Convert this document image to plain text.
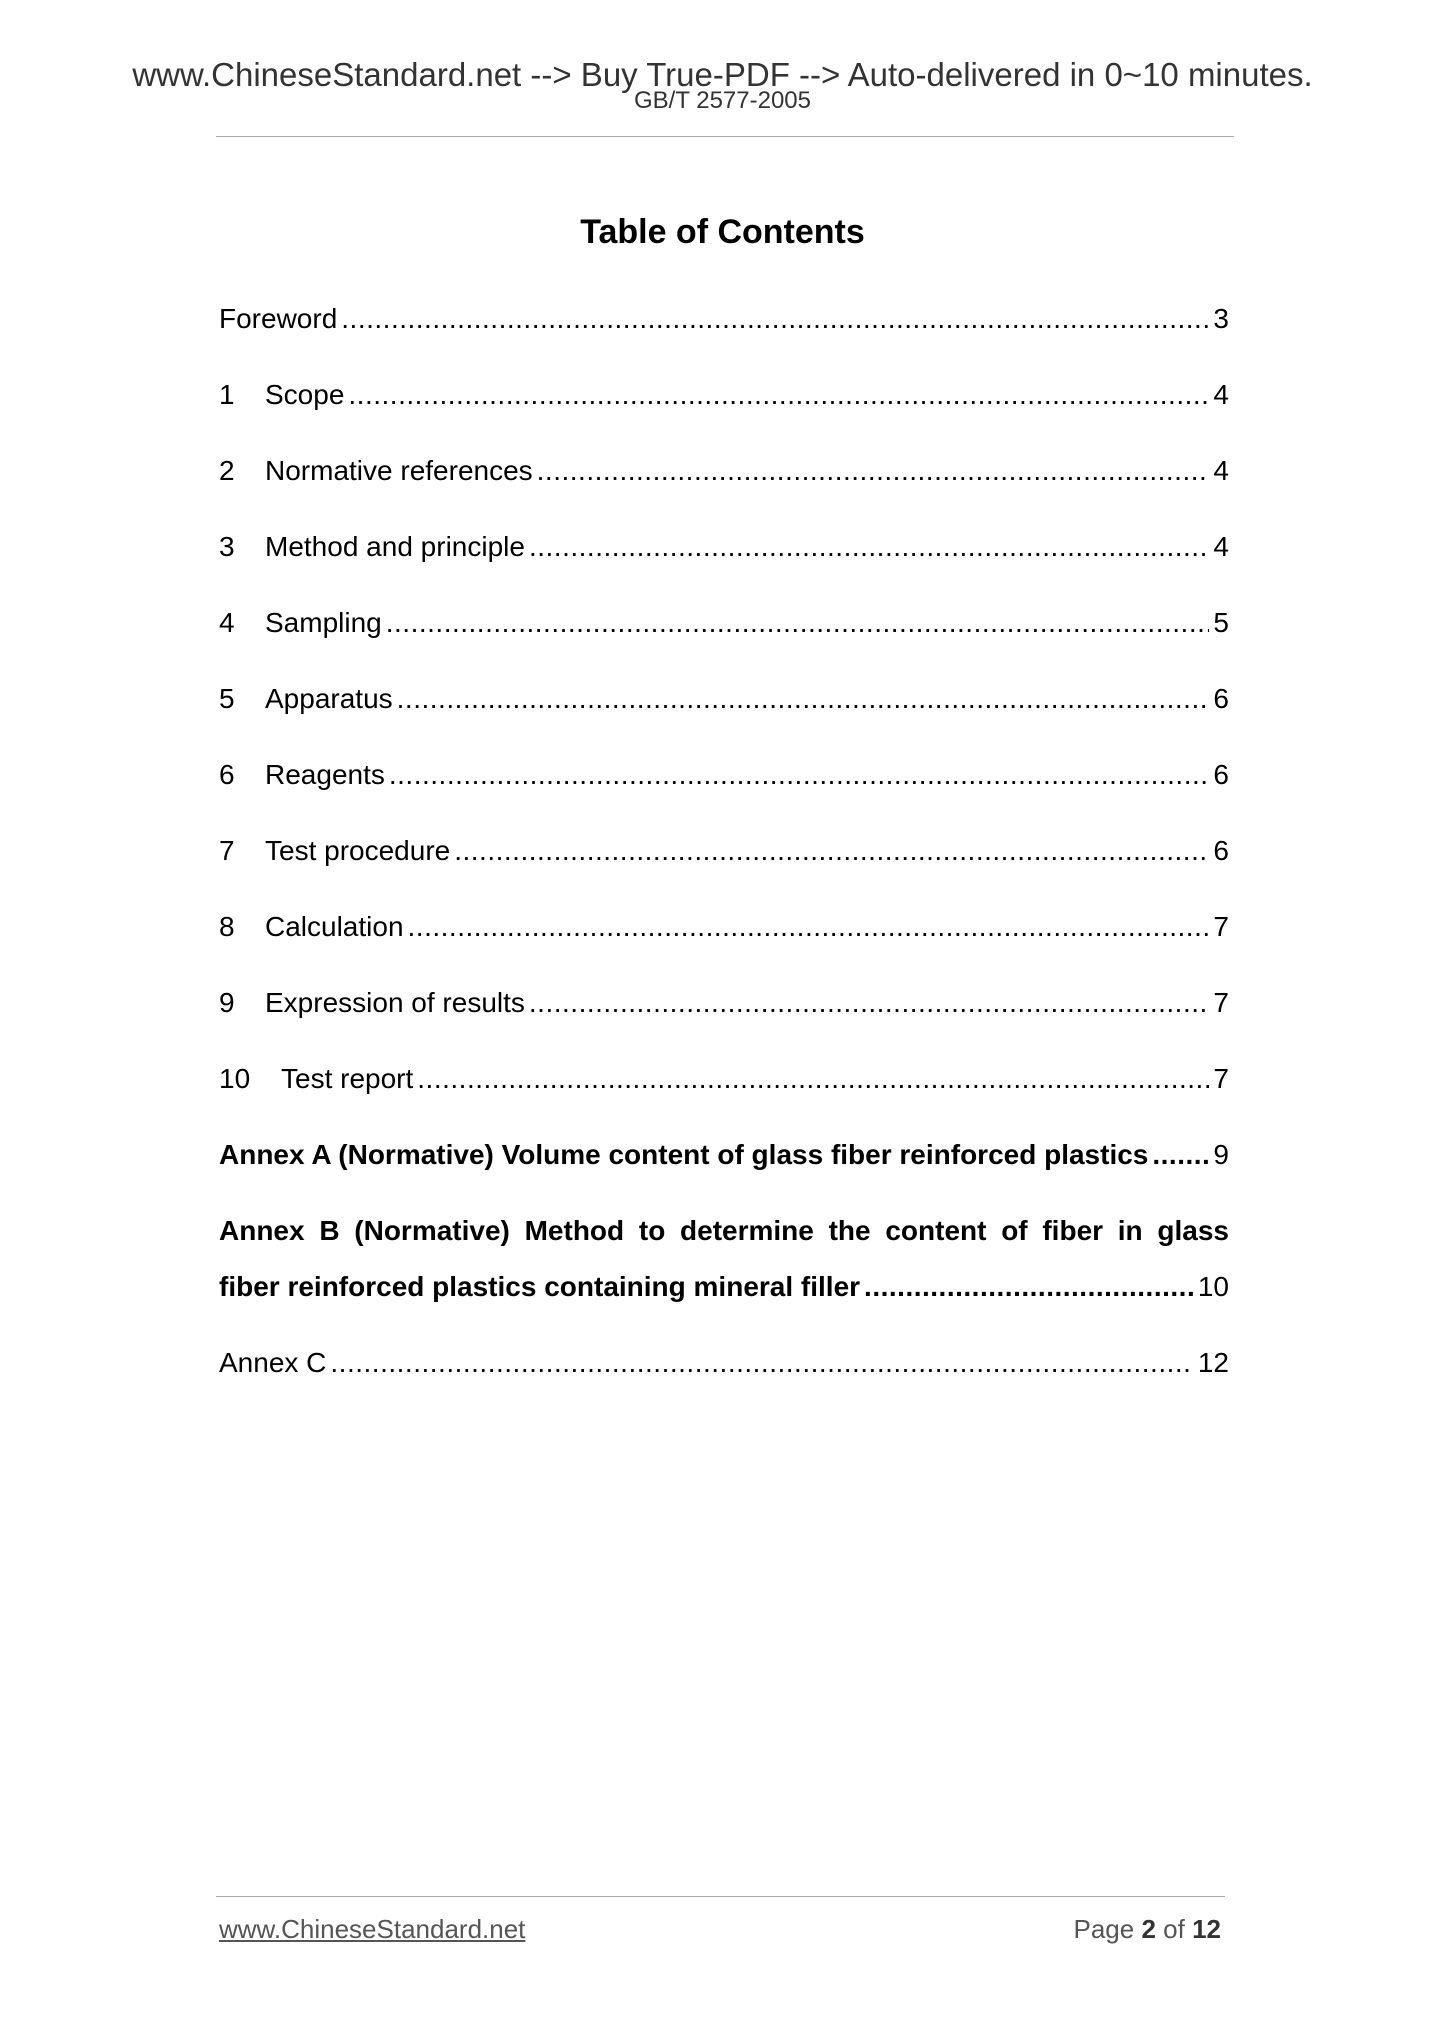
www.ChineseStandard.net --> Buy True-PDF --> Auto-delivered in 0~10 minutes.
GB/T 2577-2005
Table of Contents
Foreword .....	3
1	Scope .....	4
2	Normative references .....	4
3	Method and principle .....	4
4	Sampling .....	5
5	Apparatus .....	6
6	Reagents .....	6
7	Test procedure .....	6
8	Calculation .....	7
9	Expression of results .....	7
10	Test report .....	7
Annex A (Normative) Volume content of glass fiber reinforced plastics ..... 9
Annex B (Normative) Method to determine the content of fiber in glass
fiber reinforced plastics containing mineral filler .....	10
Annex C .....	12
www.ChineseStandard.net	Page 2 of 12
